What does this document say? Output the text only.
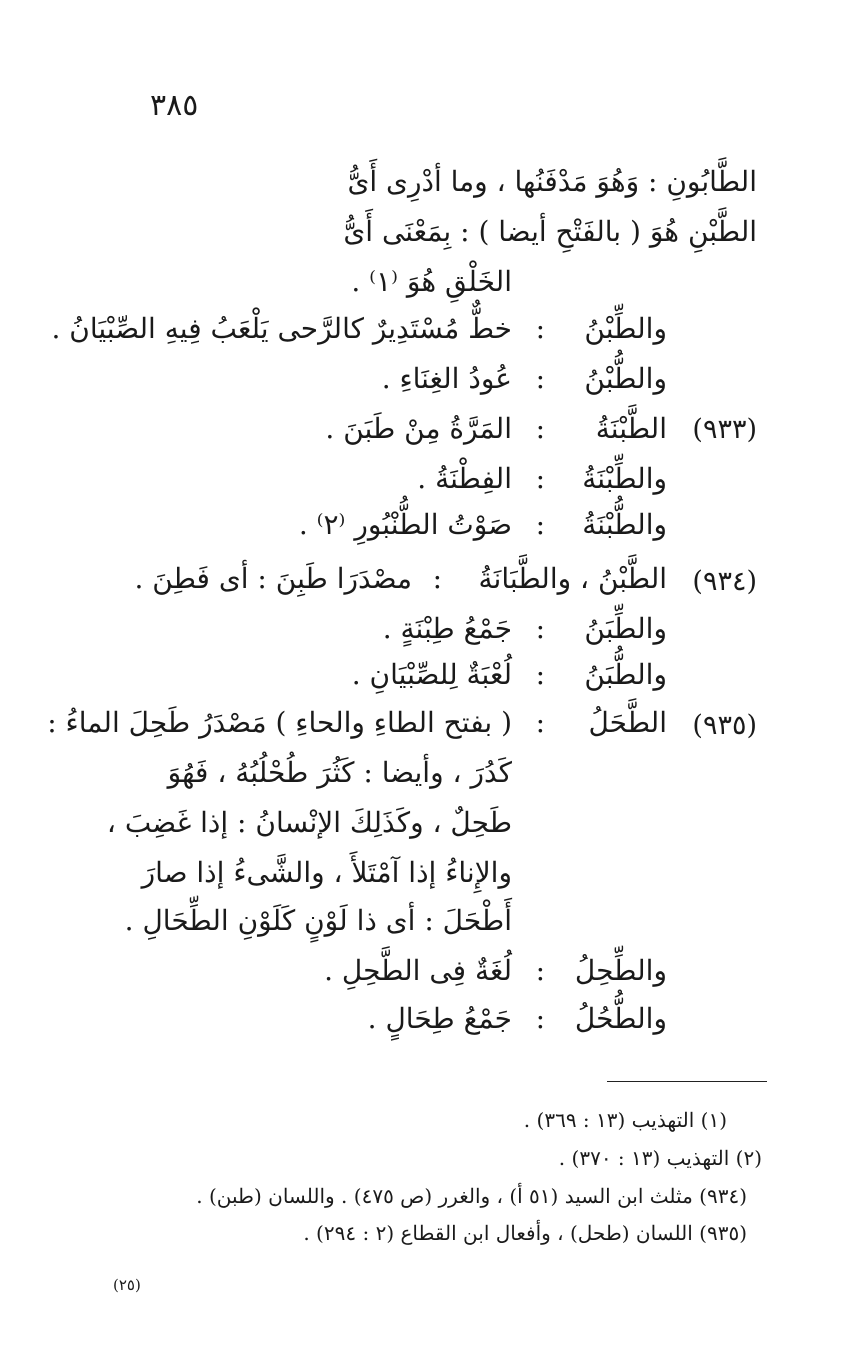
٣٨٥
الطَّابُونِ : وَهُوَ مَدْفَنُها ، وما أدْرِى أَىُّ
الطَّبْنِ هُوَ ( بالفَتْحِ أيضا ) : بِمَعْنَى أَىُّ
الخَلْقِ هُوَ ⁽١⁾ .
والطِّبْنُ
:
خطٌّ مُسْتَدِيرٌ كالرَّحى يَلْعَبُ فِيهِ الصِّبْيَانُ .
والطُّبْنُ
:
عُودُ الغِنَاءِ .
(٩٣٣)
الطَّبْنَةُ
:
المَرَّةُ مِنْ طَبَنَ .
والطِّبْنَةُ
:
الفِطْنَةُ .
والطُّبْنَةُ
:
صَوْتُ الطُّنْبُورِ ⁽٢⁾ .
(٩٣٤)
الطَّبْنُ ، والطَّبَانَةُ
:
مصْدَرَا طَبِنَ : أى فَطِنَ .
والطِّبَنُ
:
جَمْعُ طِبْنَةٍ .
والطُّبَنُ
:
لُعْبَةٌ لِلصِّبْيَانِ .
(٩٣٥)
الطَّحَلُ
:
( بفتح الطاءِ والحاءِ ) مَصْدَرُ طَحِلَ الماءُ :
كَدُرَ ، وأيضا : كَثُرَ طُحْلُبُهُ ، فَهُوَ
طَحِلٌ ، وكَذَلِكَ الإنْسانُ : إذا غَضِبَ ،
والإِناءُ إذا آمْتَلأَ ، والشَّىءُ إذا صارَ
أَطْحَلَ : أى ذا لَوْنٍ كَلَوْنِ الطِّحَالِ .
والطِّحِلُ
:
لُغَةٌ فِى الطَّحِلِ .
والطُّحُلُ
:
جَمْعُ طِحَالٍ .
(١) التهذيب (١٣ : ٣٦٩) .
(٢) التهذيب (١٣ : ٣٧٠) .
(٩٣٤) مثلث ابن السيد (٥١ أ) ، والغرر (ص ٤٧٥) . واللسان (طبن) .
(٩٣٥) اللسان (طحل) ، وأفعال ابن القطاع (٢ : ٢٩٤) .
(٢٥)
